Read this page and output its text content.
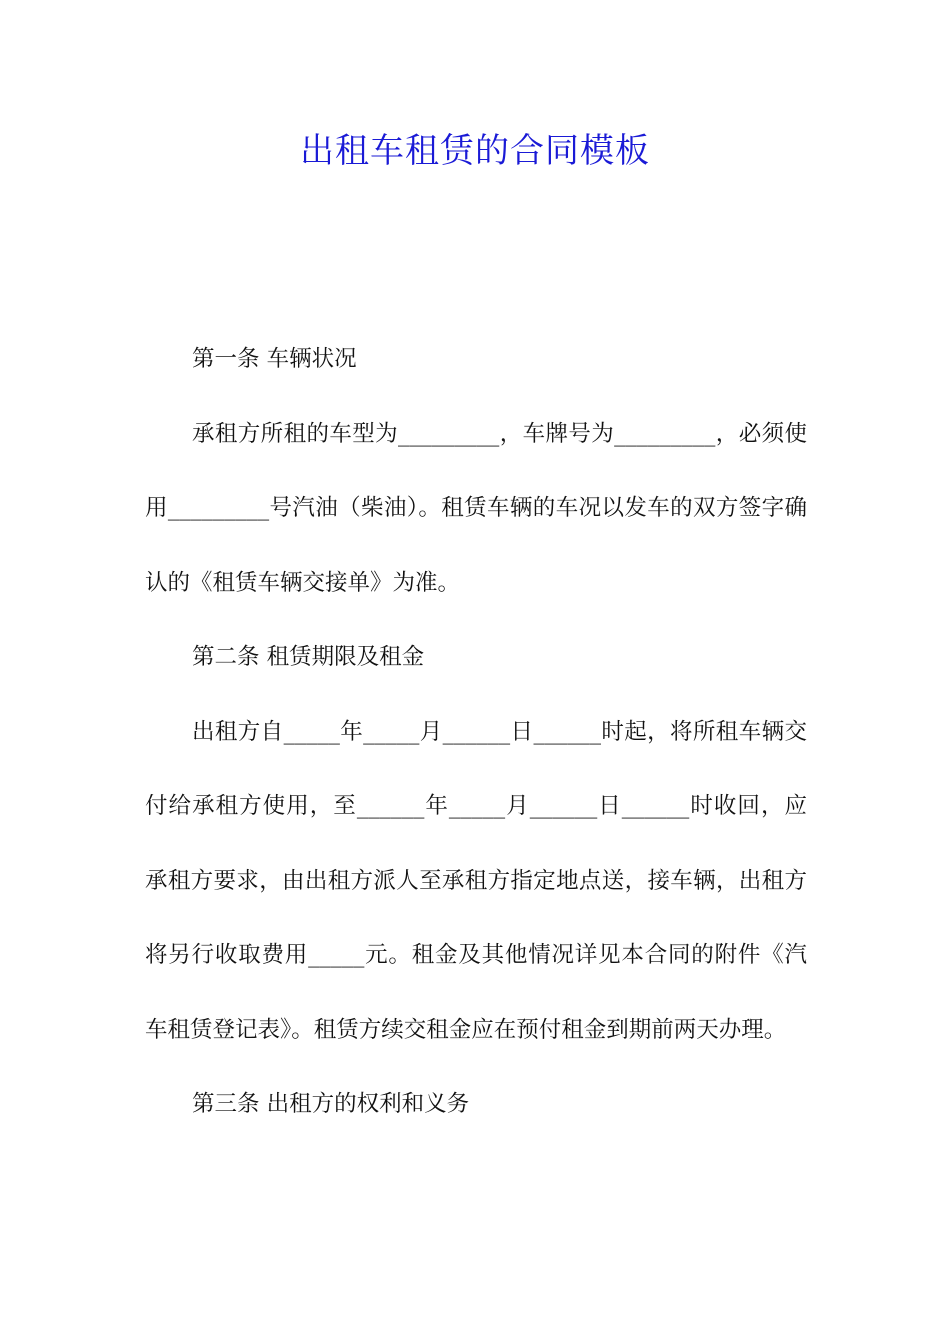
出租车租赁的合同模板

第一条 车辆状况

承租方所租的车型为_________，车牌号为_________，必须使用_________号汽油（柴油）。租赁车辆的车况以发车的双方签字确认的《租赁车辆交接单》为准。

第二条 租赁期限及租金

出租方自_____年_____月______日______时起，将所租车辆交付给承租方使用，至______年_____月______日______时收回，应承租方要求，由出租方派人至承租方指定地点送，接车辆，出租方将另行收取费用_____元。租金及其他情况详见本合同的附件《汽车租赁登记表》。租赁方续交租金应在预付租金到期前两天办理。

第三条 出租方的权利和义务
